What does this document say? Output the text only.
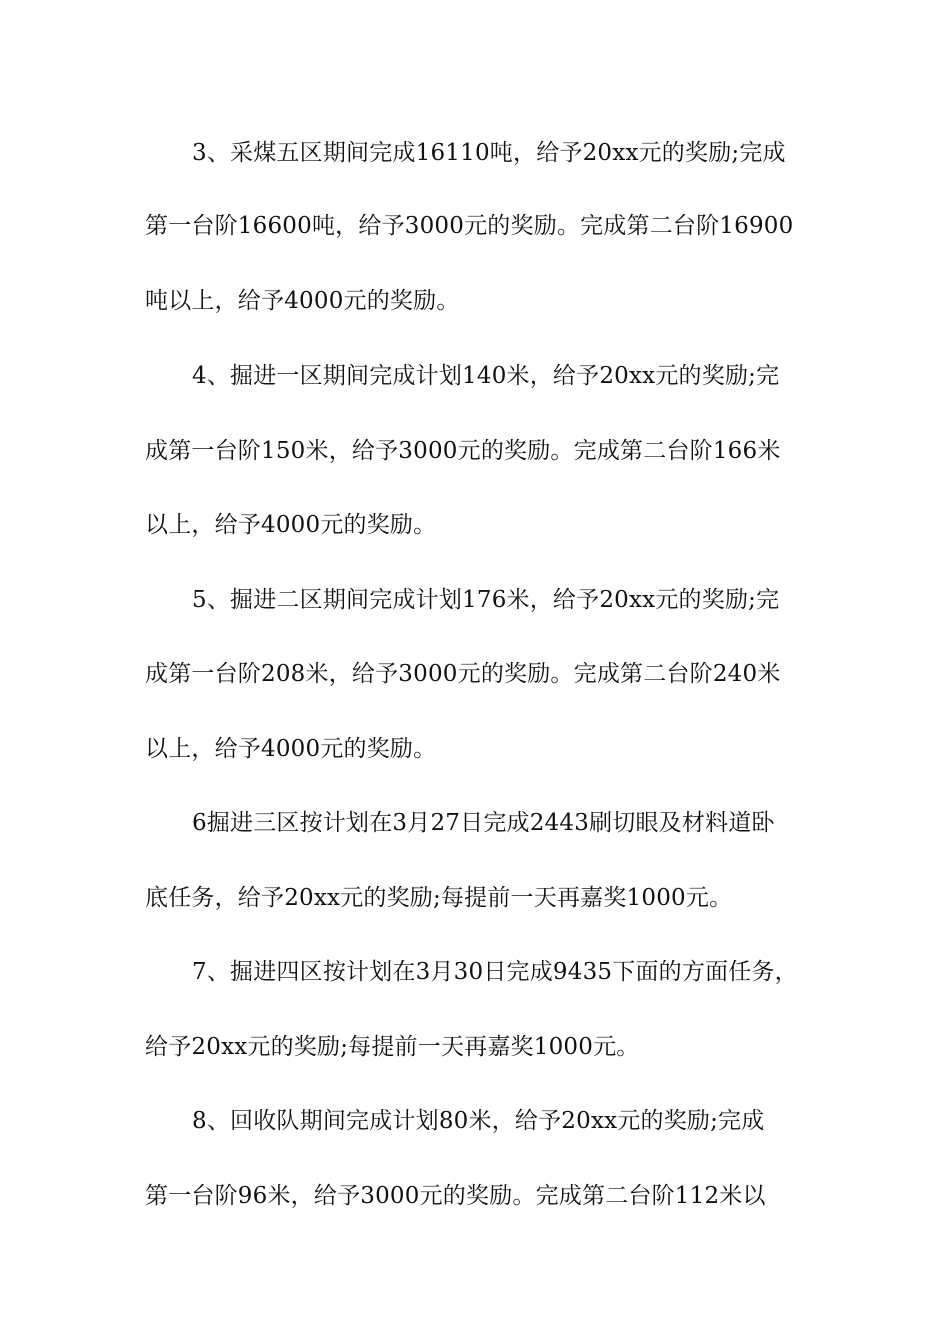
3、采煤五区期间完成16110吨，给予20xx元的奖励;完成
第一台阶16600吨，给予3000元的奖励。完成第二台阶16900
吨以上，给予4000元的奖励。
4、掘进一区期间完成计划140米，给予20xx元的奖励;完
成第一台阶150米，给予3000元的奖励。完成第二台阶166米
以上，给予4000元的奖励。
5、掘进二区期间完成计划176米，给予20xx元的奖励;完
成第一台阶208米，给予3000元的奖励。完成第二台阶240米
以上，给予4000元的奖励。
6掘进三区按计划在3月27日完成2443刷切眼及材料道卧
底任务，给予20xx元的奖励;每提前一天再嘉奖1000元。
7、掘进四区按计划在3月30日完成9435下面的方面任务，
给予20xx元的奖励;每提前一天再嘉奖1000元。
8、回收队期间完成计划80米，给予20xx元的奖励;完成
第一台阶96米，给予3000元的奖励。完成第二台阶112米以
